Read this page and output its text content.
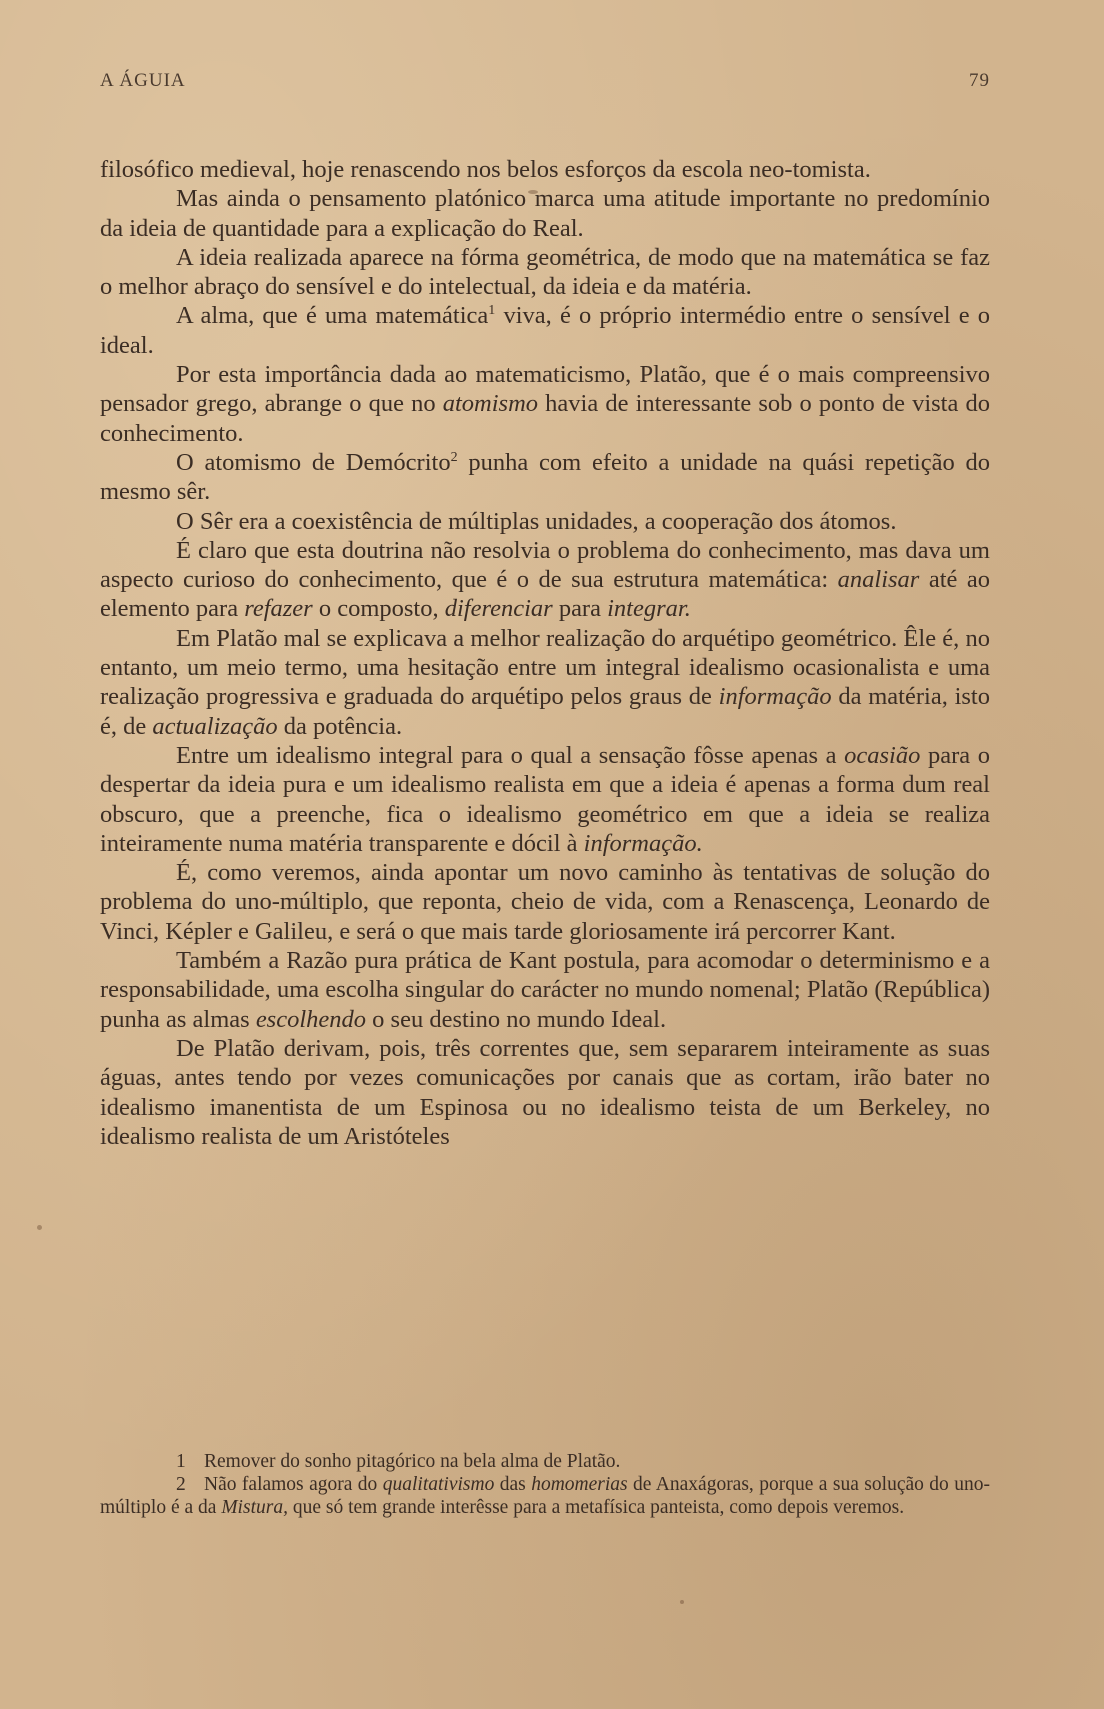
A ÁGUIA	79

filosófico medieval, hoje renascendo nos belos esforços da escola neo-tomista.

Mas ainda o pensamento platónico marca uma atitude importante no predomínio da ideia de quantidade para a explicação do Real.

A ideia realizada aparece na fórma geométrica, de modo que na matemática se faz o melhor abraço do sensível e do intelectual, da ideia e da matéria.

A alma, que é uma matemática$^1$ viva, é o próprio intermédio entre o sensível e o ideal.

Por esta importância dada ao matematicismo, Platão, que é o mais compreensivo pensador grego, abrange o que no atomismo havia de interessante sob o ponto de vista do conhecimento.

O atomismo de Demócrito$^2$ punha com efeito a unidade na quási repetição do mesmo sêr.

O Sêr era a coexistência de múltiplas unidades, a cooperação dos átomos.

É claro que esta doutrina não resolvia o problema do conhecimento, mas dava um aspecto curioso do conhecimento, que é o de sua estrutura matemática: analisar até ao elemento para refazer o composto, diferenciar para integrar.

Em Platão mal se explicava a melhor realização do arquétipo geométrico. Êle é, no entanto, um meio termo, uma hesitação entre um integral idealismo ocasionalista e uma realização progressiva e graduada do arquétipo pelos graus de informação da matéria, isto é, de actualização da potência.

Entre um idealismo integral para o qual a sensação fôsse apenas a ocasião para o despertar da ideia pura e um idealismo realista em que a ideia é apenas a forma dum real obscuro, que a preenche, fica o idealismo geométrico em que a ideia se realiza inteiramente numa matéria transparente e dócil à informação.

É, como veremos, ainda apontar um novo caminho às tentativas de solução do problema do uno-múltiplo, que reponta, cheio de vida, com a Renascença, Leonardo de Vinci, Képler e Galileu, e será o que mais tarde gloriosamente irá percorrer Kant.

Também a Razão pura prática de Kant postula, para acomodar o determinismo e a responsabilidade, uma escolha singular do carácter no mundo nomenal; Platão (República) punha as almas escolhendo o seu destino no mundo Ideal.

De Platão derivam, pois, três correntes que, sem separarem inteiramente as suas águas, antes tendo por vezes comunicações por canais que as cortam, irão bater no idealismo imanentista de um Espinosa ou no idealismo teista de um Berkeley, no idealismo realista de um Aristóteles

1 Remover do sonho pitagórico na bela alma de Platão.

2 Não falamos agora do qualitativismo das homomerias de Anaxágoras, porque a sua solução do uno-múltiplo é a da Mistura, que só tem grande interêsse para a metafísica panteista, como depois veremos.
